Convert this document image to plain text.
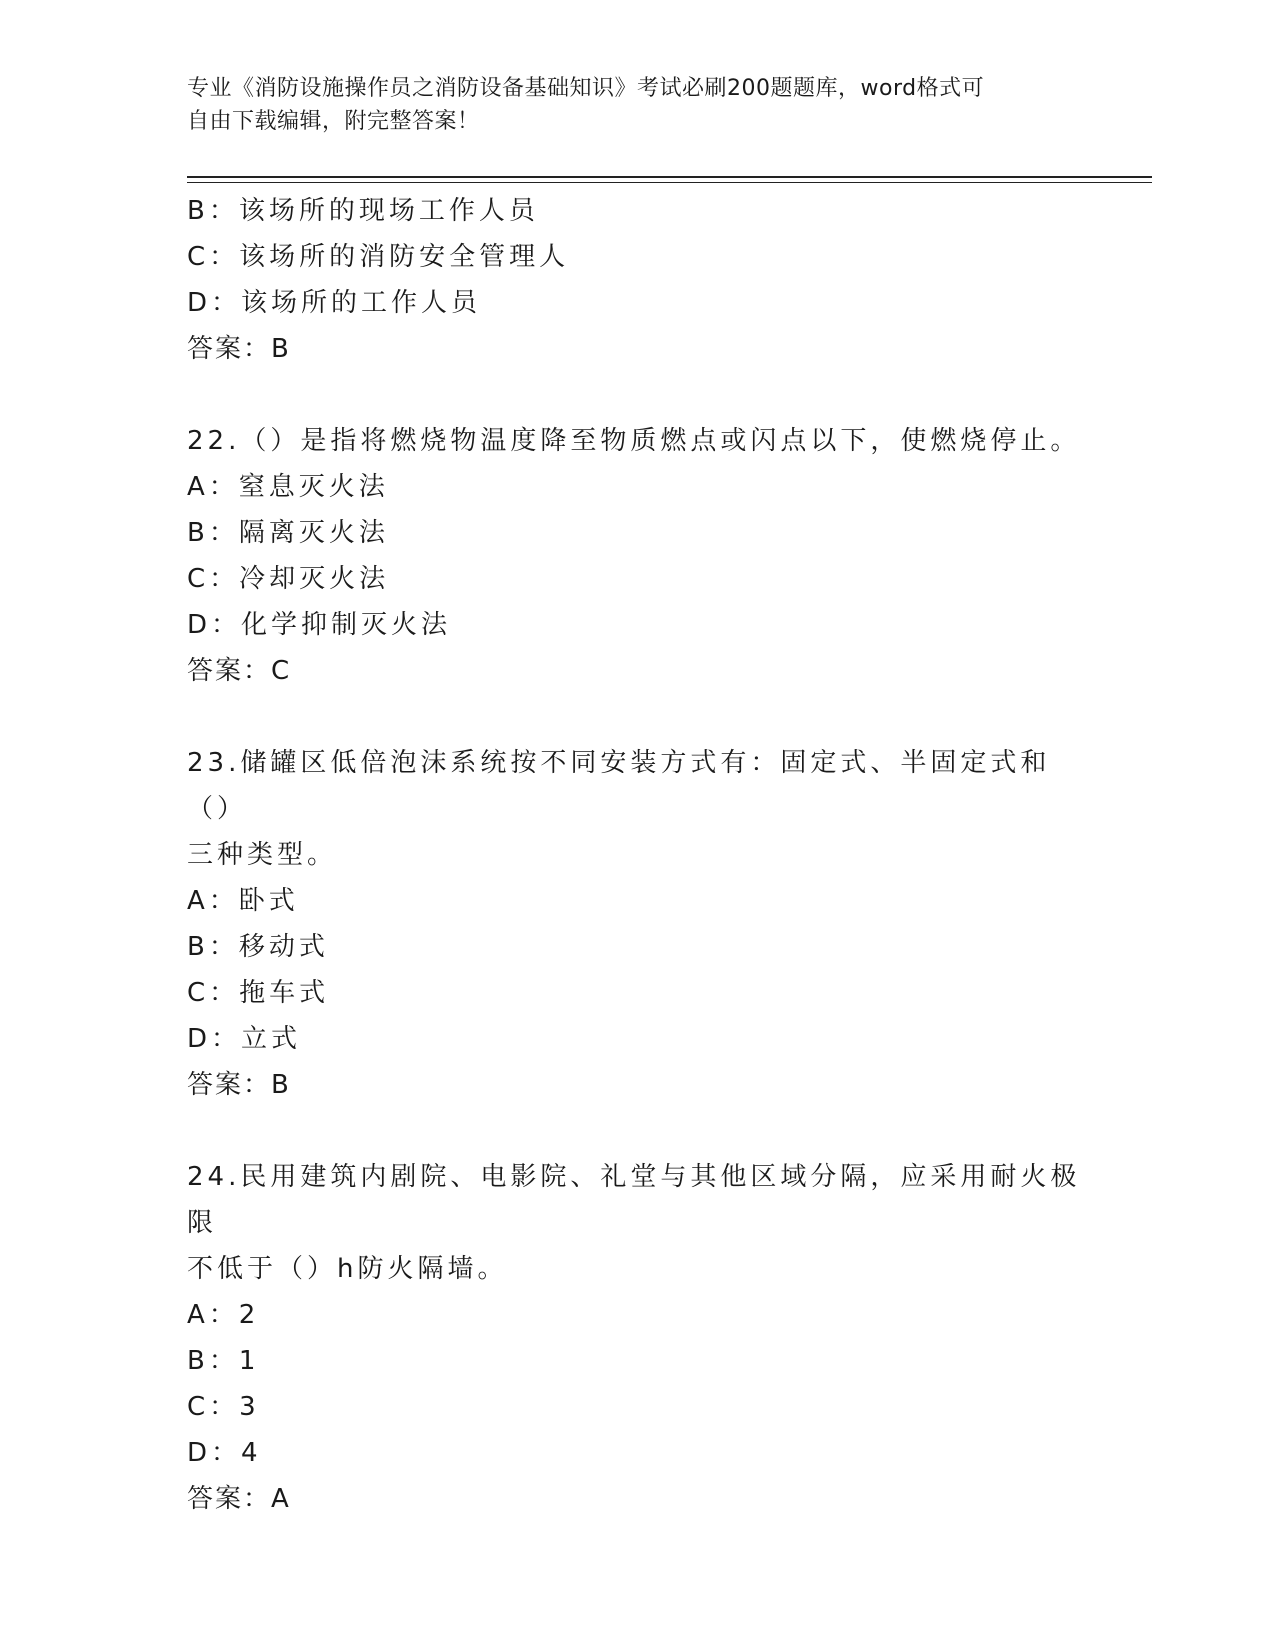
专业《消防设施操作员之消防设备基础知识》考试必刷200题题库，word格式可
自由下载编辑，附完整答案！
B：该场所的现场工作人员
C：该场所的消防安全管理人
D：该场所的工作人员
答案：B
22.（）是指将燃烧物温度降至物质燃点或闪点以下，使燃烧停止。
A：窒息灭火法
B：隔离灭火法
C：冷却灭火法
D：化学抑制灭火法
答案：C
23.储罐区低倍泡沫系统按不同安装方式有：固定式、半固定式和（）
三种类型。
A：卧式
B：移动式
C：拖车式
D：立式
答案：B
24.民用建筑内剧院、电影院、礼堂与其他区域分隔，应采用耐火极限
不低于（）h防火隔墙。
A：2
B：1
C：3
D：4
答案：A
